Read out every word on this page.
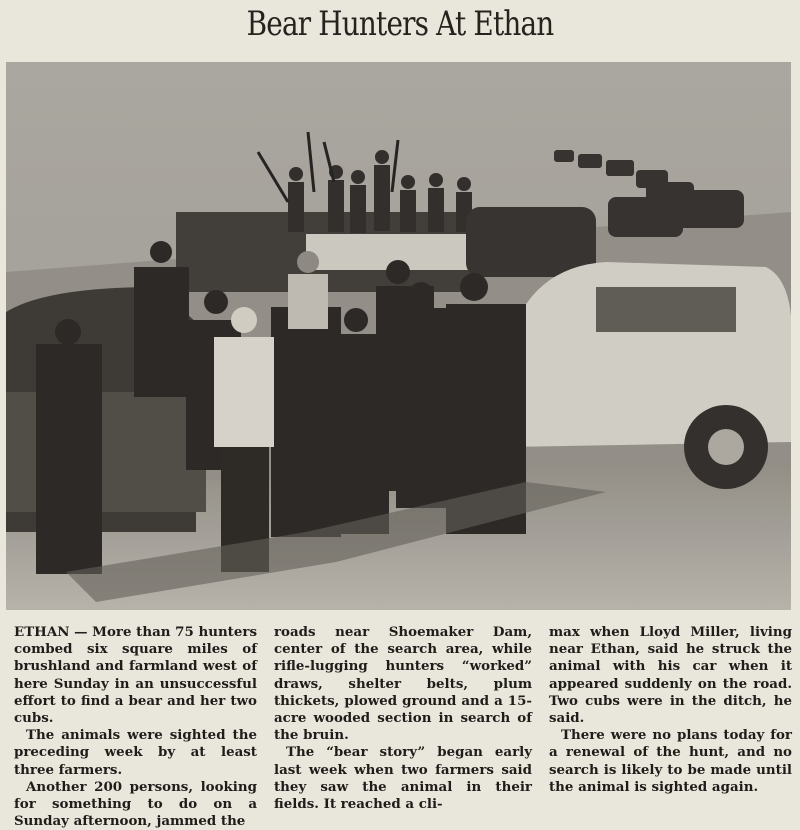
Bear Hunters At Ethan

ETHAN — More than 75 hunters combed six square miles of brushland and farmland west of here Sunday in an unsuccessful effort to find a bear and her two cubs.

The animals were sighted the preceding week by at least three farmers.

Another 200 persons, looking for something to do on a Sunday afternoon, jammed the

roads near Shoemaker Dam, center of the search area, while rifle-lugging hunters “worked” draws, shelter belts, plum thickets, plowed ground and a 15-acre wooded section in search of the bruin.

The “bear story” began early last week when two farmers said they saw the animal in their fields. It reached a cli-

max when Lloyd Miller, living near Ethan, said he struck the animal with his car when it appeared suddenly on the road. Two cubs were in the ditch, he said.

There were no plans today for a renewal of the hunt, and no search is likely to be made until the animal is sighted again.
